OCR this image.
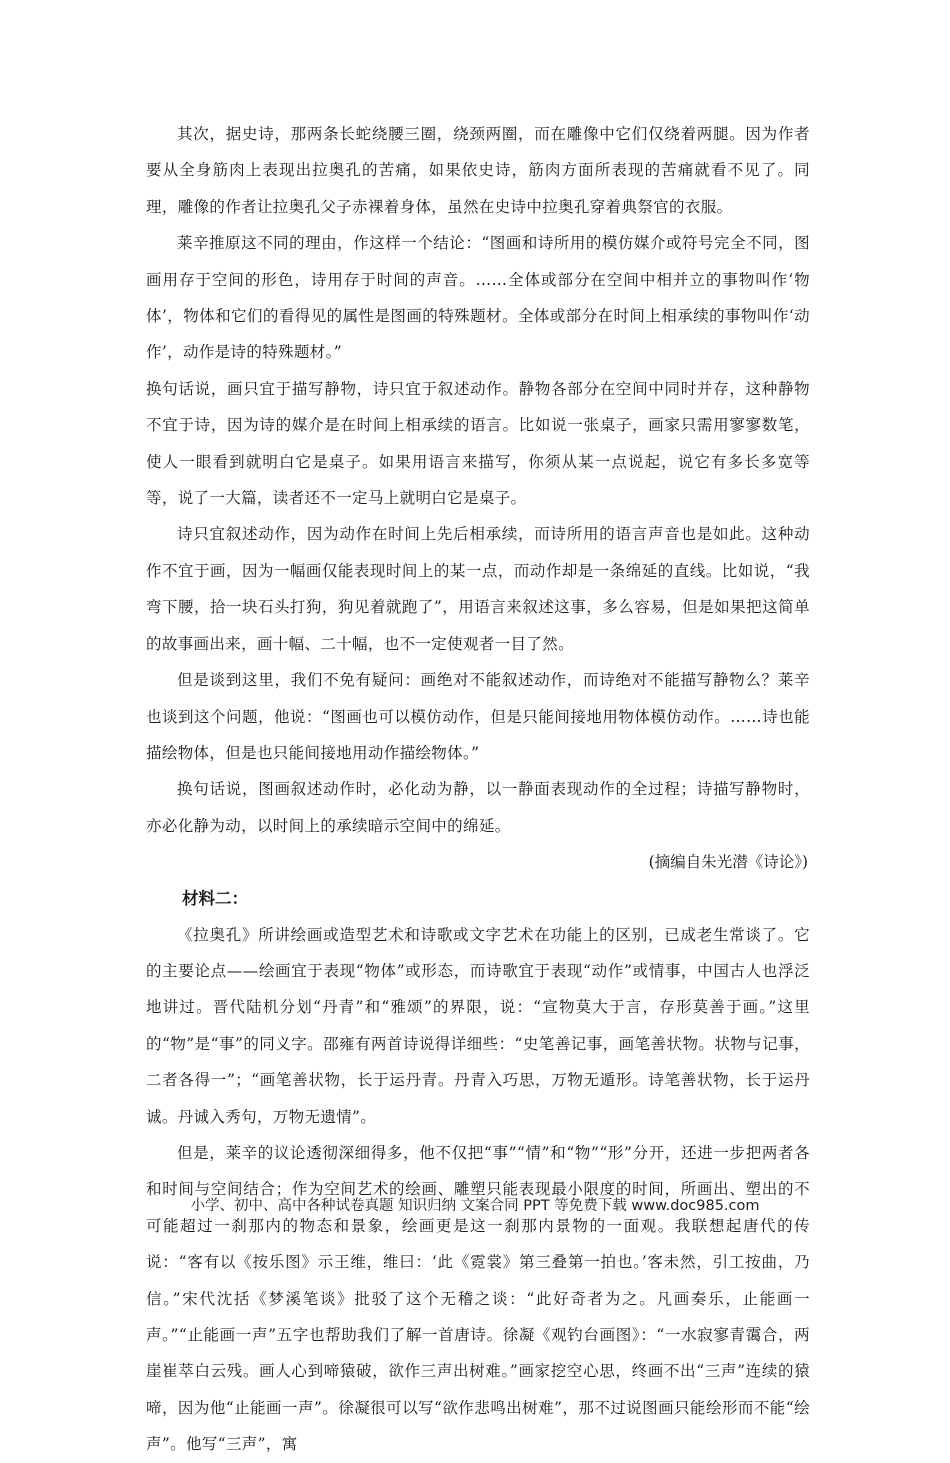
其次，据史诗，那两条长蛇绕腰三圈，绕颈两圈，而在雕像中它们仅绕着两腿。因为作者要从全身筋肉上表现出拉奥孔的苦痛，如果依史诗，筋肉方面所表现的苦痛就看不见了。同理，雕像的作者让拉奥孔父子赤裸着身体，虽然在史诗中拉奥孔穿着典祭官的衣服。

莱辛推原这不同的理由，作这样一个结论：“图画和诗所用的模仿媒介或符号完全不同，图画用存于空间的形色，诗用存于时间的声音。……全体或部分在空间中相并立的事物叫作‘物体’，物体和它们的看得见的属性是图画的特殊题材。全体或部分在时间上相承续的事物叫作‘动作’，动作是诗的特殊题材。”

换句话说，画只宜于描写静物，诗只宜于叙述动作。静物各部分在空间中同时并存，这种静物不宜于诗，因为诗的媒介是在时间上相承续的语言。比如说一张桌子，画家只需用寥寥数笔，使人一眼看到就明白它是桌子。如果用语言来描写，你须从某一点说起，说它有多长多宽等等，说了一大篇，读者还不一定马上就明白它是桌子。

诗只宜叙述动作，因为动作在时间上先后相承续，而诗所用的语言声音也是如此。这种动作不宜于画，因为一幅画仅能表现时间上的某一点，而动作却是一条绵延的直线。比如说，“我弯下腰，拾一块石头打狗，狗见着就跑了”，用语言来叙述这事，多么容易，但是如果把这简单的故事画出来，画十幅、二十幅，也不一定使观者一目了然。

但是谈到这里，我们不免有疑问：画绝对不能叙述动作，而诗绝对不能描写静物么？莱辛也谈到这个问题，他说：“图画也可以模仿动作，但是只能间接地用物体模仿动作。……诗也能描绘物体，但是也只能间接地用动作描绘物体。”

换句话说，图画叙述动作时，必化动为静，以一静面表现动作的全过程；诗描写静物时，亦必化静为动，以时间上的承续暗示空间中的绵延。

(摘编自朱光潜《诗论》)

材料二：

《拉奥孔》所讲绘画或造型艺术和诗歌或文字艺术在功能上的区别，已成老生常谈了。它的主要论点——绘画宜于表现“物体”或形态，而诗歌宜于表现“动作”或情事，中国古人也浮泛地讲过。晋代陆机分划“丹青”和“雅颂”的界限，说：“宣物莫大于言，存形莫善于画。”这里的“物”是“事”的同义字。邵雍有两首诗说得详细些：“史笔善记事，画笔善状物。状物与记事，二者各得一”；“画笔善状物，长于运丹青。丹青入巧思，万物无遁形。诗笔善状物，长于运丹诚。丹诚入秀句，万物无遗情”。

但是，莱辛的议论透彻深细得多，他不仅把“事”“情”和“物”“形”分开，还进一步把两者各和时间与空间结合；作为空间艺术的绘画、雕塑只能表现最小限度的时间，所画出、塑出的不可能超过一刹那内的物态和景象，绘画更是这一刹那内景物的一面观。我联想起唐代的传说：“客有以《按乐图》示王维，维曰：‘此《霓裳》第三叠第一拍也。’客未然，引工按曲，乃信。”宋代沈括《梦溪笔谈》批驳了这个无稽之谈：“此好奇者为之。凡画奏乐，止能画一声。”“止能画一声”五字也帮助我们了解一首唐诗。徐凝《观钓台画图》：“一水寂寥青霭合，两崖崔萃白云残。画人心到啼猿破，欲作三声出树难。”画家挖空心思，终画不出“三声”连续的猿啼，因为他“止能画一声”。徐凝很可以写“欲作悲鸣出树难”，那不过说图画只能绘形而不能“绘声”。他写“三声”，寓

小学、初中、高中各种试卷真题 知识归纳 文案合同 PPT 等免费下载 www.doc985.com
